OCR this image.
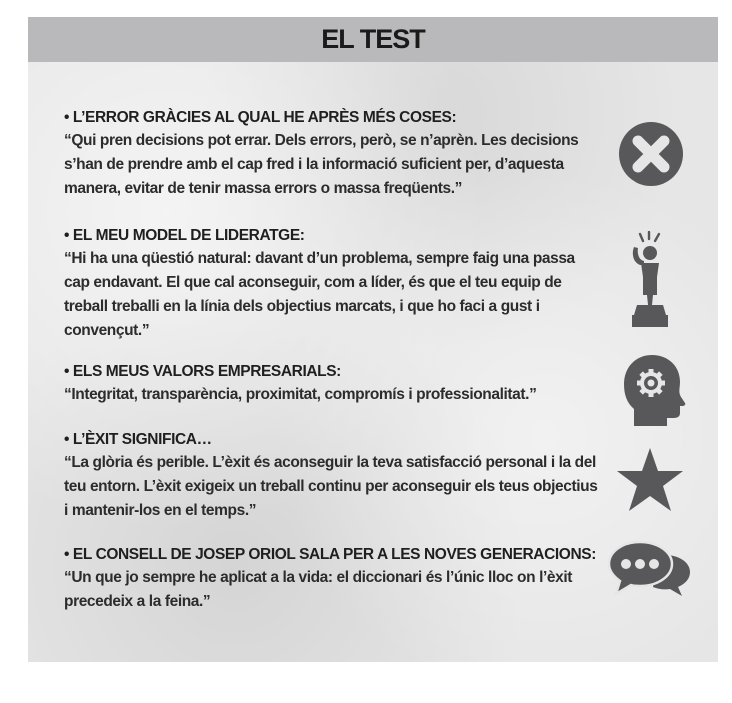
EL TEST
• L’ERROR GRÀCIES AL QUAL HE APRÈS MÉS COSES:
“Qui pren decisions pot errar. Dels errors, però, se n’aprèn. Les decisions s’han de prendre amb el cap fred i la informació suficient per, d’aquesta manera, evitar de tenir massa errors o massa freqüents.”
• EL MEU MODEL DE LIDERATGE:
“Hi ha una qüestió natural: davant d’un problema, sempre faig una passa cap endavant. El que cal aconseguir, com a líder, és que el teu equip de treball treballi en la línia dels objectius marcats, i que ho faci a gust i convençut.”
• ELS MEUS VALORS EMPRESARIALS:
“Integritat, transparència, proximitat, compromís i professionalitat.”
• L’ÈXIT SIGNIFICA…
“La glòria és perible. L’èxit és aconseguir la teva satisfacció personal i la del teu entorn. L’èxit exigeix un treball continu per aconseguir els teus objectius i mantenir-los en el temps.”
• EL CONSELL DE JOSEP ORIOL SALA PER A LES NOVES GENERACIONS:
“Un que jo sempre he aplicat a la vida: el diccionari és l’únic lloc on l’èxit precedeix a la feina.”
